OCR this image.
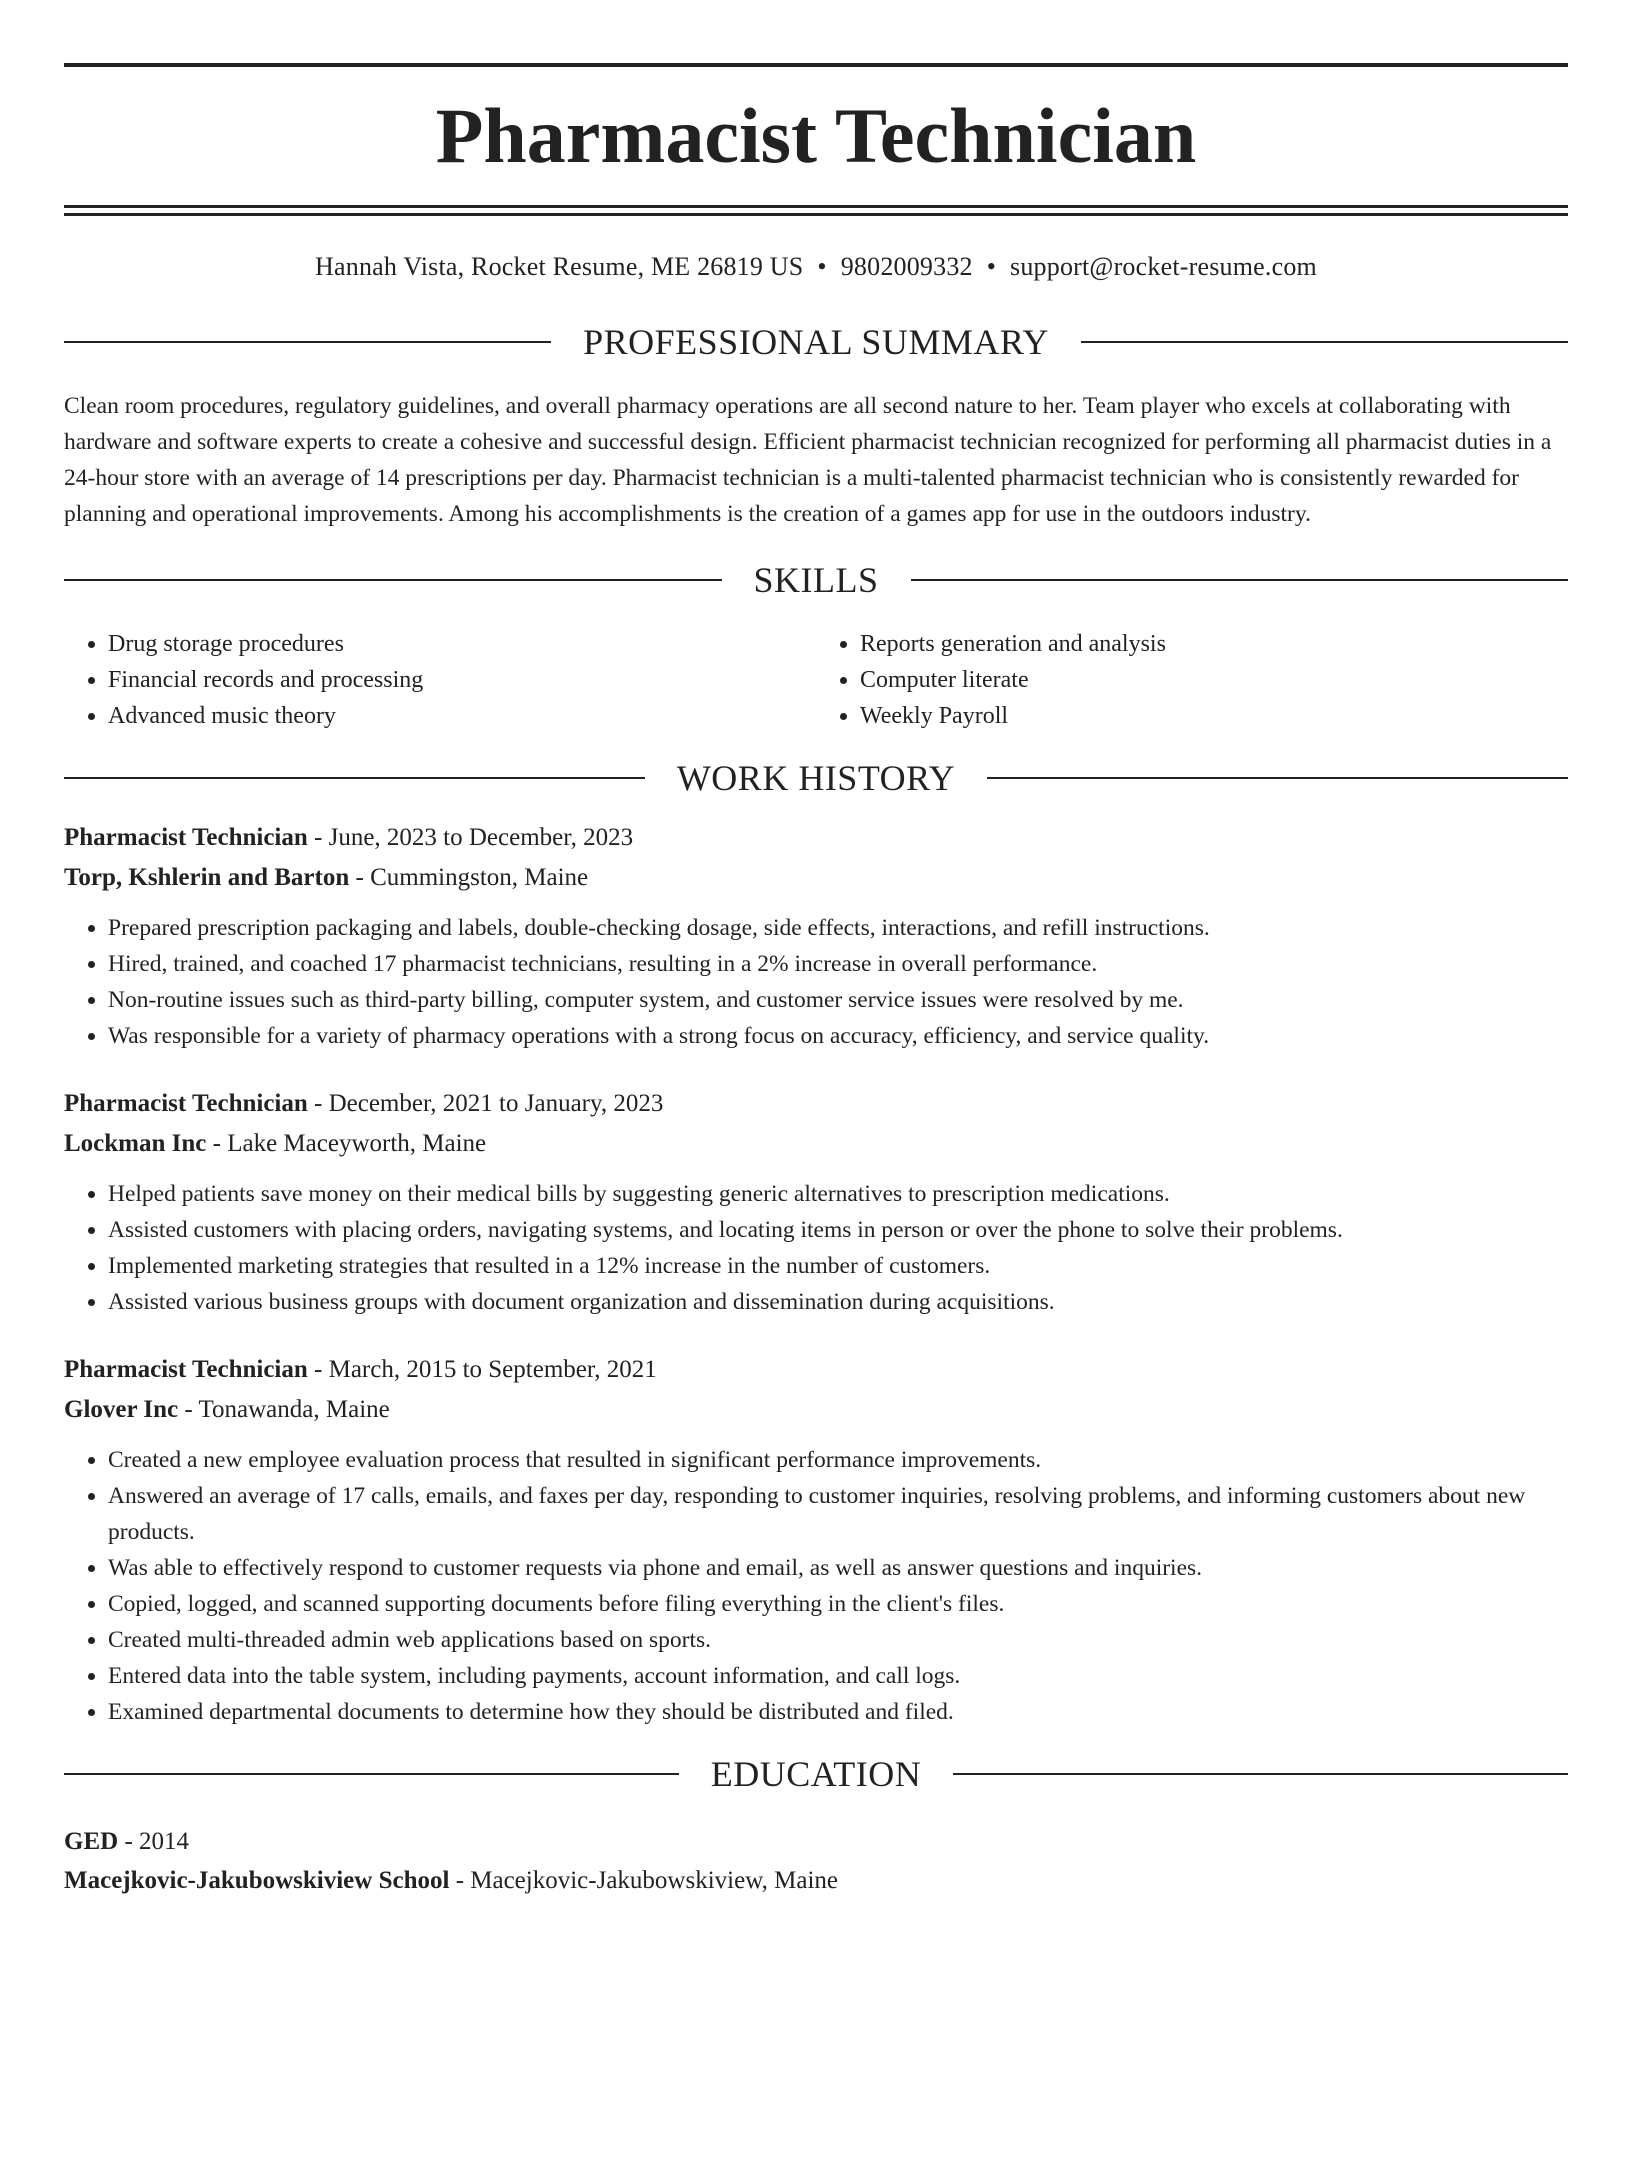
Pharmacist Technician
Hannah Vista, Rocket Resume, ME 26819 US • 9802009332 • support@rocket-resume.com
PROFESSIONAL SUMMARY

Clean room procedures, regulatory guidelines, and overall pharmacy operations are all second nature to her. Team player who excels at collaborating with hardware and software experts to create a cohesive and successful design. Efficient pharmacist technician recognized for performing all pharmacist duties in a 24-hour store with an average of 14 prescriptions per day. Pharmacist technician is a multi-talented pharmacist technician who is consistently rewarded for planning and operational improvements. Among his accomplishments is the creation of a games app for use in the outdoors industry.

SKILLS
• Drug storage procedures
• Financial records and processing
• Advanced music theory
• Reports generation and analysis
• Computer literate
• Weekly Payroll
WORK HISTORY
Pharmacist Technician - June, 2023 to December, 2023
Torp, Kshlerin and Barton - Cummingston, Maine
• Prepared prescription packaging and labels, double-checking dosage, side effects, interactions, and refill instructions.
• Hired, trained, and coached 17 pharmacist technicians, resulting in a 2% increase in overall performance.
• Non-routine issues such as third-party billing, computer system, and customer service issues were resolved by me.
• Was responsible for a variety of pharmacy operations with a strong focus on accuracy, efficiency, and service quality.
Pharmacist Technician - December, 2021 to January, 2023
Lockman Inc - Lake Maceyworth, Maine
• Helped patients save money on their medical bills by suggesting generic alternatives to prescription medications.
• Assisted customers with placing orders, navigating systems, and locating items in person or over the phone to solve their problems.
• Implemented marketing strategies that resulted in a 12% increase in the number of customers.
• Assisted various business groups with document organization and dissemination during acquisitions.
Pharmacist Technician - March, 2015 to September, 2021
Glover Inc - Tonawanda, Maine
• Created a new employee evaluation process that resulted in significant performance improvements.
• Answered an average of 17 calls, emails, and faxes per day, responding to customer inquiries, resolving problems, and informing customers about new products.
• Was able to effectively respond to customer requests via phone and email, as well as answer questions and inquiries.
• Copied, logged, and scanned supporting documents before filing everything in the client's files.
• Created multi-threaded admin web applications based on sports.
• Entered data into the table system, including payments, account information, and call logs.
• Examined departmental documents to determine how they should be distributed and filed.
EDUCATION
GED - 2014
Macejkovic-Jakubowskiview School - Macejkovic-Jakubowskiview, Maine
